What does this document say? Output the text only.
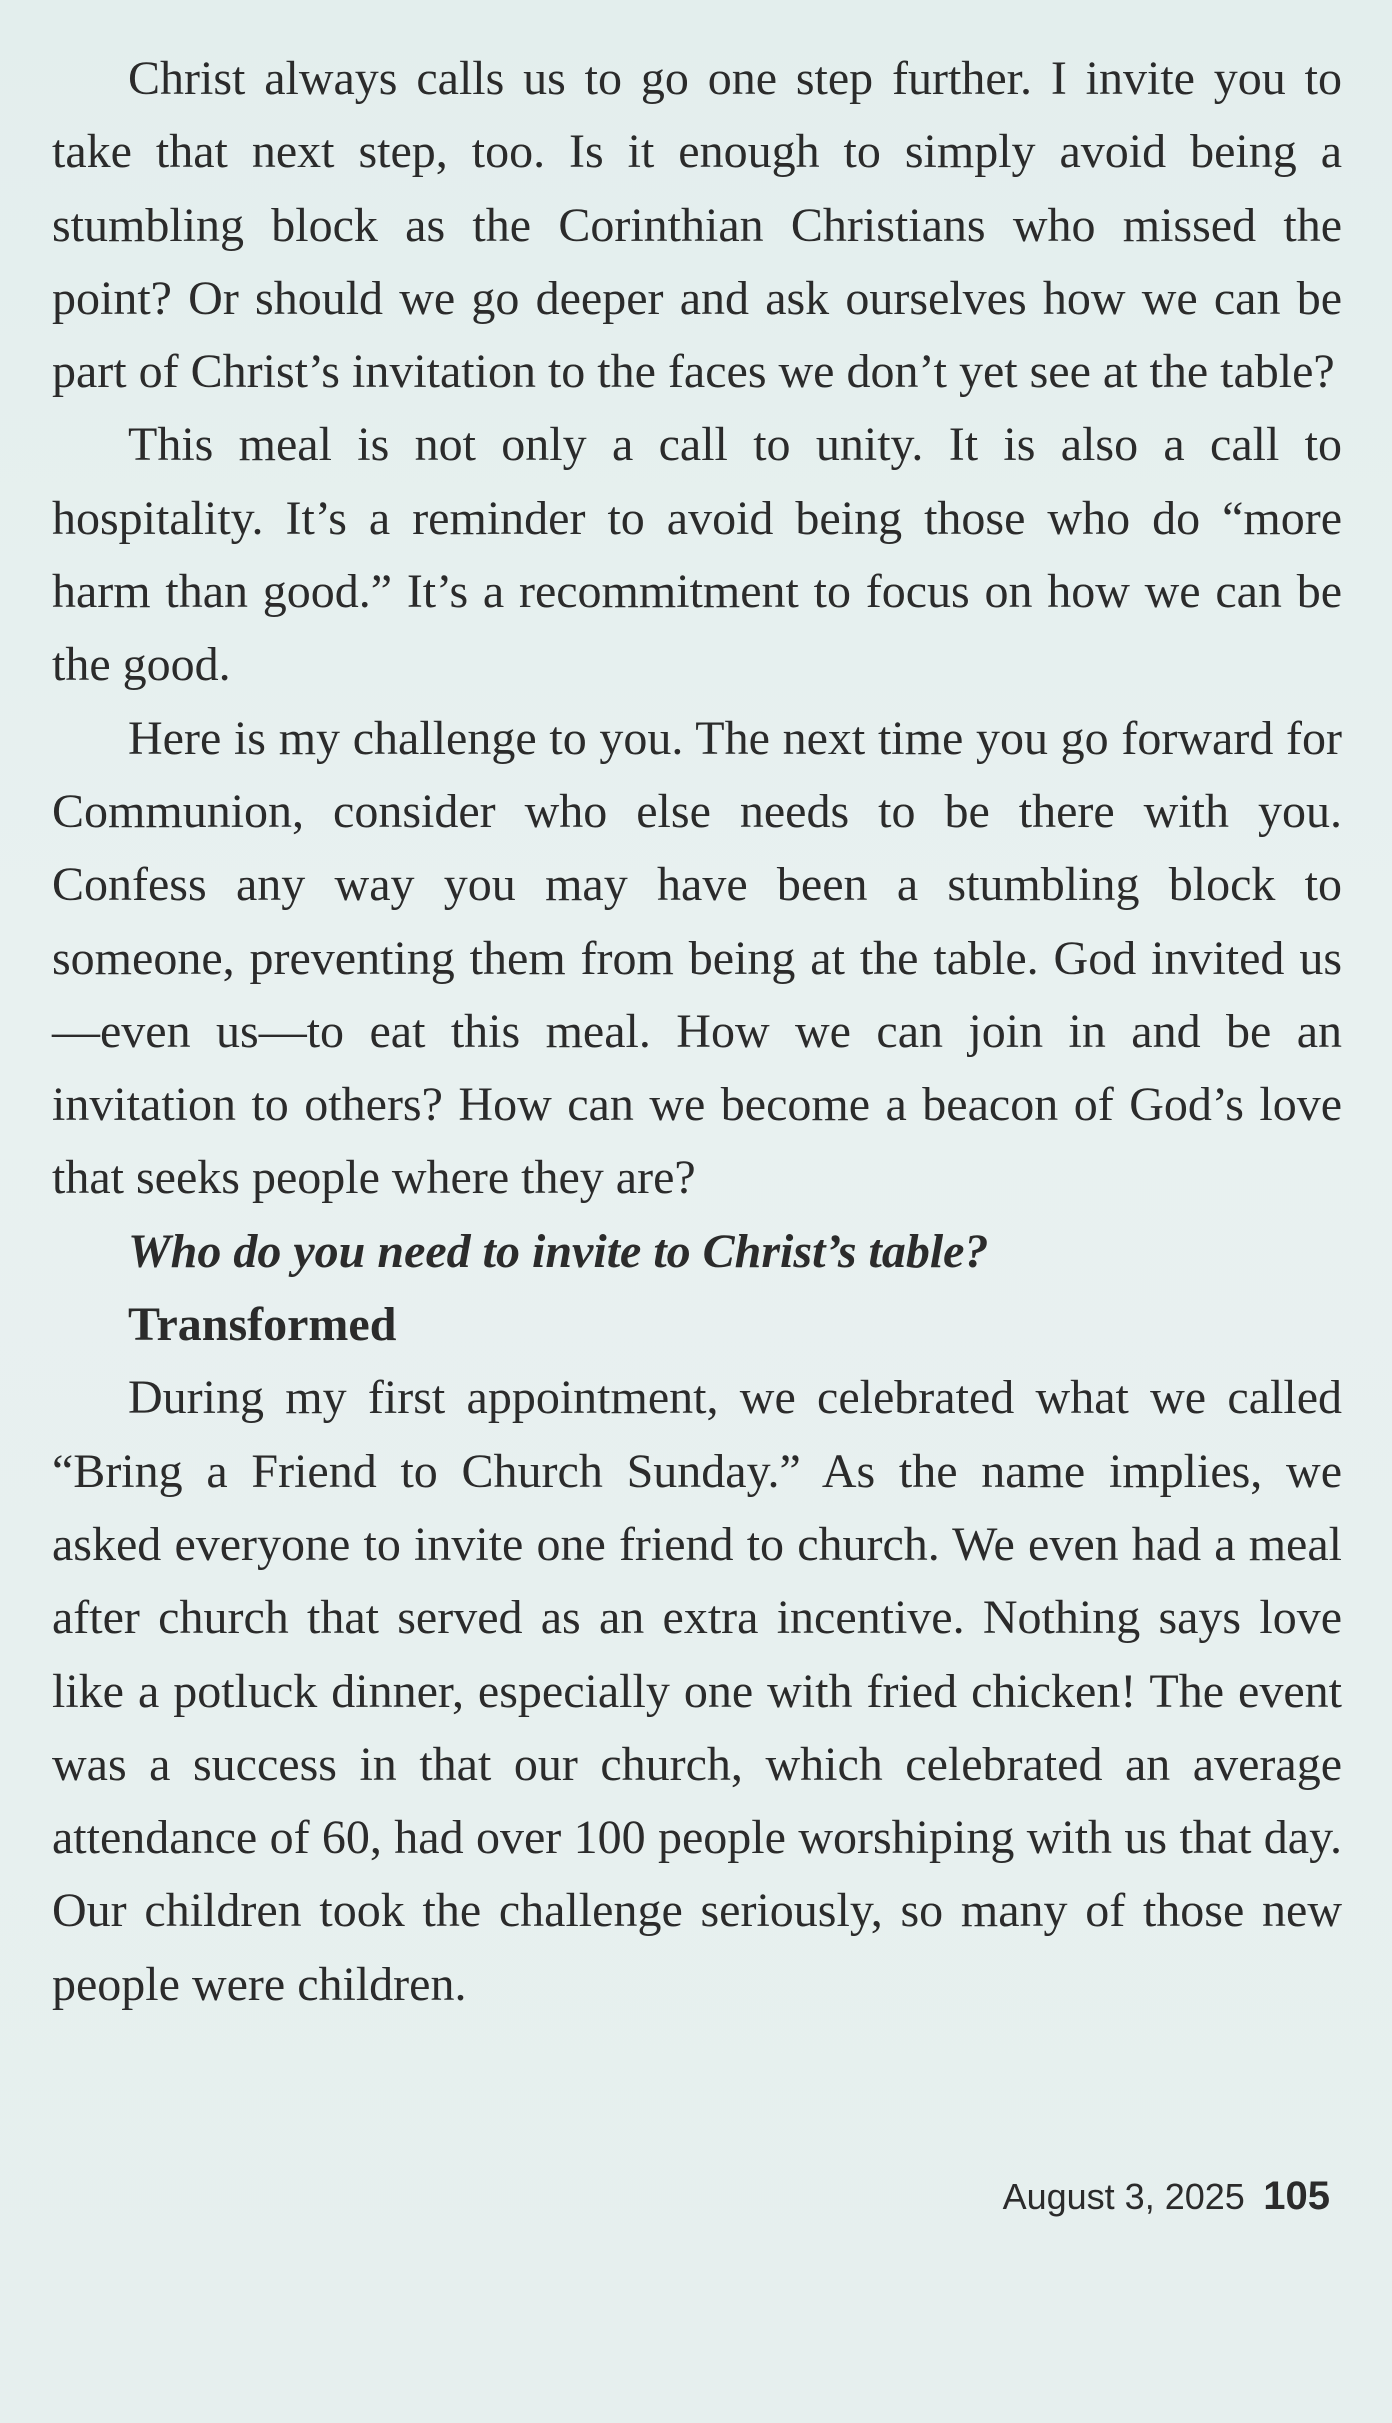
Christ always calls us to go one step further. I invite you to take that next step, too. Is it enough to simply avoid being a stumbling block as the Corinthian Christians who missed the point? Or should we go deeper and ask ourselves how we can be part of Christ’s invitation to the faces we don’t yet see at the table?

This meal is not only a call to unity. It is also a call to hospitality. It’s a reminder to avoid being those who do “more harm than good.” It’s a recommitment to focus on how we can be the good.

Here is my challenge to you. The next time you go forward for Communion, consider who else needs to be there with you. Confess any way you may have been a stumbling block to someone, preventing them from being at the table. God invited us—even us—to eat this meal. How we can join in and be an invitation to others? How can we become a beacon of God’s love that seeks people where they are?

Who do you need to invite to Christ’s table?

Transformed

During my first appointment, we celebrated what we called “Bring a Friend to Church Sunday.” As the name implies, we asked everyone to invite one friend to church. We even had a meal after church that served as an extra incentive. Nothing says love like a potluck dinner, especially one with fried chicken! The event was a success in that our church, which celebrated an average attendance of 60, had over 100 people worshiping with us that day. Our children took the challenge seriously, so many of those new people were children.

August 3, 2025 105
